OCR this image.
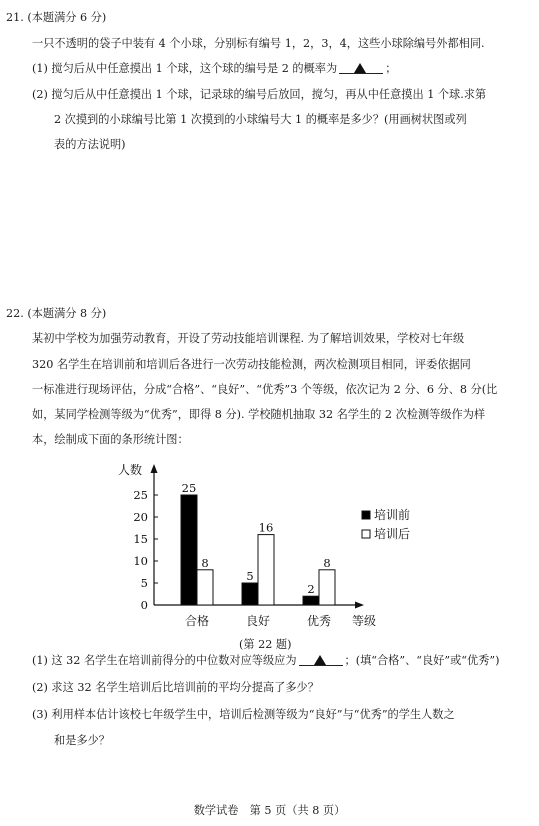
21. (本题满分 6 分)
一只不透明的袋子中装有 4 个小球，分别标有编号 1，2，3，4，这些小球除编号外都相同.
(1) 搅匀后从中任意摸出 1 个球，这个球的编号是 2 的概率为	；
(2) 搅匀后从中任意摸出 1 个球，记录球的编号后放回，搅匀，再从中任意摸出 1 个球.求第
2 次摸到的小球编号比第 1 次摸到的小球编号大 1 的概率是多少？(用画树状图或列
表的方法说明)
22. (本题满分 8 分)
某初中学校为加强劳动教育，开设了劳动技能培训课程. 为了解培训效果，学校对七年级
320 名学生在培训前和培训后各进行一次劳动技能检测，两次检测项目相同，评委依据同
一标准进行现场评估，分成“合格”、“良好”、“优秀”3 个等级，依次记为 2 分、6 分、8 分(比
如，某同学检测等级为“优秀”，即得 8 分). 学校随机抽取 32 名学生的 2 次检测等级作为样
本，绘制成下面的条形统计图：
0
5
10
15
20
25
人数
等级
25
8
合格
5
16
良好
2
8
优秀
培训前
培训后
(第 22 题)
(1) 这 32 名学生在培训前得分的中位数对应等级应为	；(填“合格”、“良好”或“优秀”)
(2) 求这 32 名学生培训后比培训前的平均分提高了多少？
(3) 利用样本估计该校七年级学生中，培训后检测等级为“良好”与“优秀”的学生人数之
和是多少？
数学试卷　第 5 页（共 8 页）
